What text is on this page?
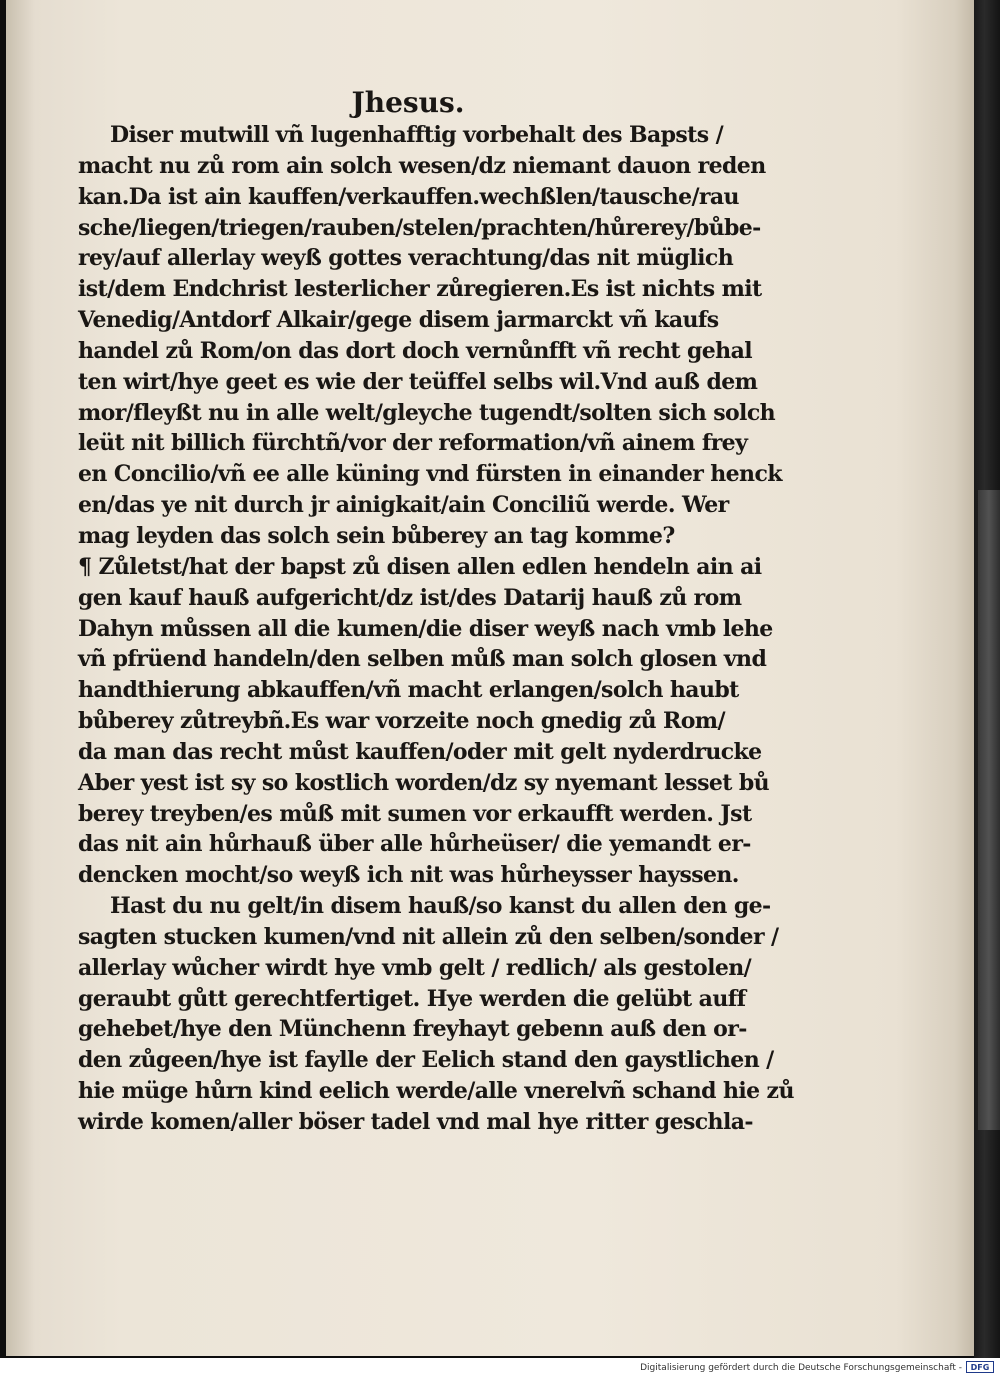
Jhesus.
Diser mutwill vñ lugenhafftig vorbehalt des Bapsts /
macht nu zů rom ain solch wesen/dz niemant dauon reden
kan.Da ist ain kauffen/verkauffen.wechßlen/tausche/rau
sche/liegen/triegen/rauben/stelen/prachten/hůrerey/bůbe-
rey/auf allerlay weyß gottes verachtung/das nit müglich
ist/dem Endchrist lesterlicher zůregieren.Es ist nichts mit
Venedig/Antdorf Alkair/gege disem jarmarckt vñ kaufs
handel zů Rom/on das dort doch vernůnfft vñ recht gehal
ten wirt/hye geet es wie der teüffel selbs wil.Vnd auß dem
mor/fleyßt nu in alle welt/gleyche tugendt/solten sich solch
leüt nit billich fürchtñ/vor der reformation/vñ ainem frey
en Concilio/vñ ee alle küning vnd fürsten in einander henck
en/das ye nit durch jr ainigkait/ain Conciliũ werde. Wer
mag leyden das solch sein bůberey an tag komme?
¶ Zůletst/hat der bapst zů disen allen edlen hendeln ain ai
gen kauf hauß aufgericht/dz ist/des Datarij hauß zů rom
Dahyn můssen all die kumen/die diser weyß nach vmb lehe
vñ pfrüend handeln/den selben můß man solch glosen vnd
handthierung abkauffen/vñ macht erlangen/solch haubt
bůberey zůtreybñ.Es war vorzeite noch gnedig zů Rom/
da man das recht můst kauffen/oder mit gelt nyderdrucke
Aber yest ist sy so kostlich worden/dz sy nyemant lesset bů
berey treyben/es můß mit sumen vor erkaufft werden. Jst
das nit ain hůrhauß über alle hůrheüser/ die yemandt er-
dencken mocht/so weyß ich nit was hůrheysser hayssen.
Hast du nu gelt/in disem hauß/so kanst du allen den ge-
sagten stucken kumen/vnd nit allein zů den selben/sonder /
allerlay wůcher wirdt hye vmb gelt / redlich/ als gestolen/
geraubt gůtt gerechtfertiget. Hye werden die gelübt auff
gehebet/hye den Münchenn freyhayt gebenn auß den or-
den zůgeen/hye ist faylle der Eelich stand den gaystlichen /
hie müge hůrn kind eelich werde/alle vnerelvñ schand hie zů
wirde komen/aller böser tadel vnd mal hye ritter geschla-
Digitalisierung gefördert durch die Deutsche Forschungsgemeinschaft -	DFG
